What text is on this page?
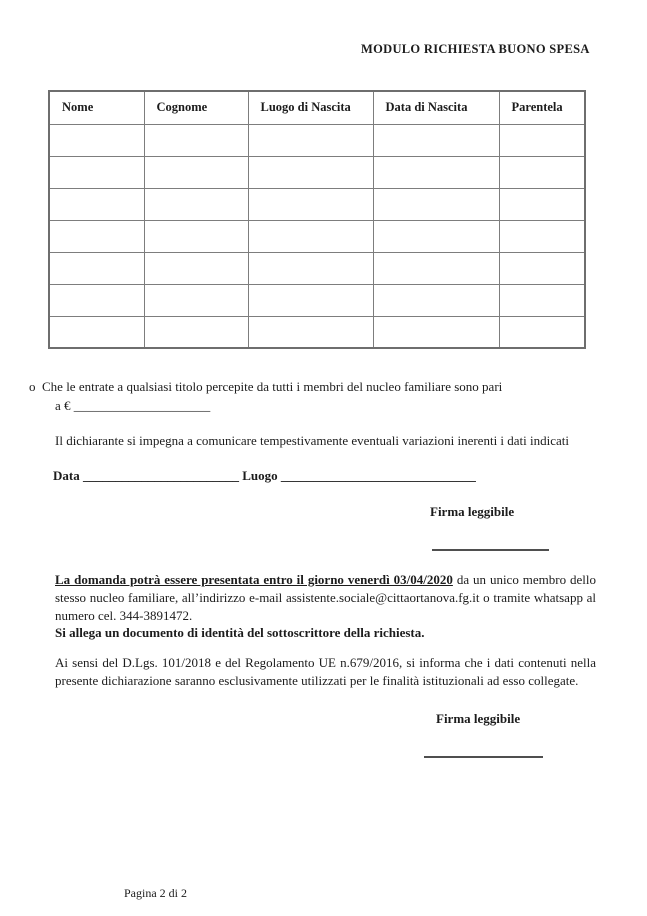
MODULO RICHIESTA BUONO SPESA
Nome	Cognome	Luogo di Nascita	Data di Nascita	Parentela

o Che le entrate a qualsiasi titolo percepite da tutti i membri del nucleo familiare sono pari
a € _____________________
Il dichiarante si impegna a comunicare tempestivamente eventuali variazioni inerenti i dati indicati
Data ________________________ Luogo ______________________________
Firma leggibile
La domanda potrà essere presentata entro il giorno venerdì 03/04/2020 da un unico membro dello stesso nucleo familiare, all’indirizzo e-mail assistente.sociale@cittaortanova.fg.it o tramite whatsapp al numero cel. 344-3891472.
Si allega un documento di identità del sottoscrittore della richiesta.
Ai sensi del D.Lgs. 101/2018 e del Regolamento UE n.679/2016, si informa che i dati contenuti nella presente dichiarazione saranno esclusivamente utilizzati per le finalità istituzionali ad esso collegate.
Firma leggibile
Pagina 2 di 2
